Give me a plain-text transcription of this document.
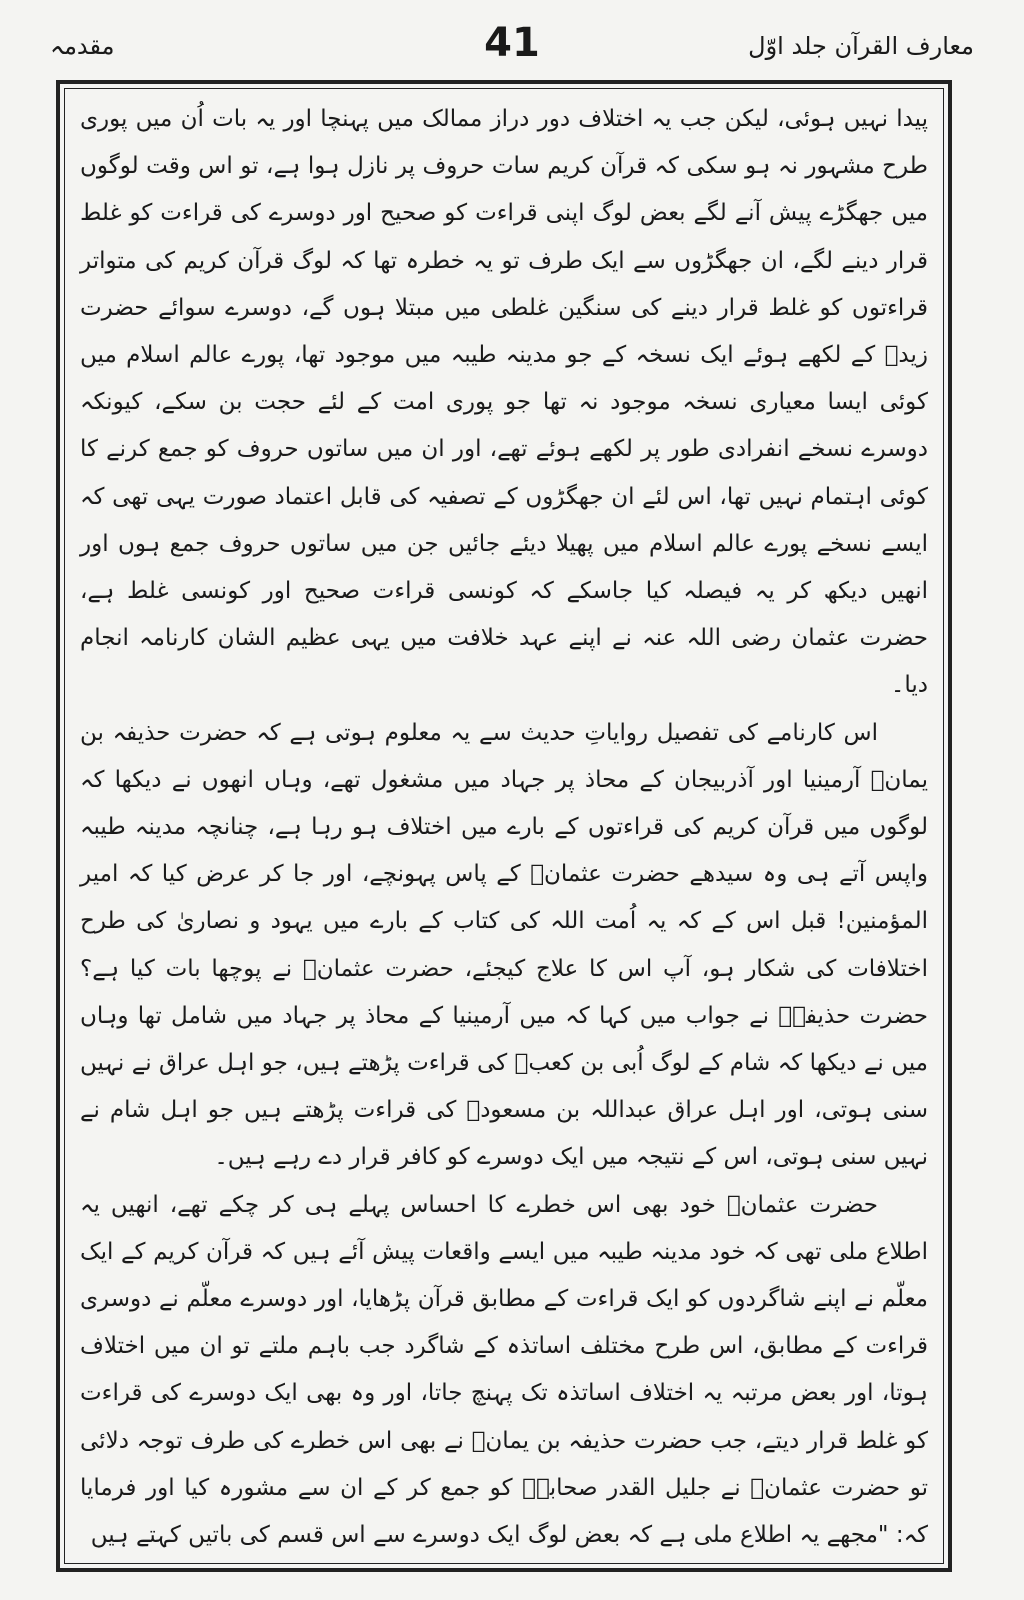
معارف القرآن جلد اوّل
41
مقدمہ

پیدا نہیں ہوئی، لیکن جب یہ اختلاف دور دراز ممالک میں پہنچا اور یہ بات اُن میں پوری طرح مشہور نہ ہو سکی کہ قرآن کریم سات حروف پر نازل ہوا ہے، تو اس وقت لوگوں میں جھگڑے پیش آنے لگے بعض لوگ اپنی قراءت کو صحیح اور دوسرے کی قراءت کو غلط قرار دینے لگے، ان جھگڑوں سے ایک طرف تو یہ خطرہ تھا کہ لوگ قرآن کریم کی متواتر قراءتوں کو غلط قرار دینے کی سنگین غلطی میں مبتلا ہوں گے، دوسرے سوائے حضرت زیدؓ کے لکھے ہوئے ایک نسخہ کے جو مدینہ طیبہ میں موجود تھا، پورے عالم اسلام میں کوئی ایسا معیاری نسخہ موجود نہ تھا جو پوری امت کے لئے حجت بن سکے، کیونکہ دوسرے نسخے انفرادی طور پر لکھے ہوئے تھے، اور ان میں ساتوں حروف کو جمع کرنے کا کوئی اہتمام نہیں تھا، اس لئے ان جھگڑوں کے تصفیہ کی قابل اعتماد صورت یہی تھی کہ ایسے نسخے پورے عالم اسلام میں پھیلا دیئے جائیں جن میں ساتوں حروف جمع ہوں اور انھیں دیکھ کر یہ فیصلہ کیا جاسکے کہ کونسی قراءت صحیح اور کونسی غلط ہے، حضرت عثمان رضی اللہ عنہ نے اپنے عہد خلافت میں یہی عظیم الشان کارنامہ انجام دیا۔

اس کارنامے کی تفصیل روایاتِ حدیث سے یہ معلوم ہوتی ہے کہ حضرت حذیفہ بن یمانؓ آرمینیا اور آذربیجان کے محاذ پر جہاد میں مشغول تھے، وہاں انھوں نے دیکھا کہ لوگوں میں قرآن کریم کی قراءتوں کے بارے میں اختلاف ہو رہا ہے، چنانچہ مدینہ طیبہ واپس آتے ہی وہ سیدھے حضرت عثمانؓ کے پاس پہونچے، اور جا کر عرض کیا کہ امیر المؤمنین! قبل اس کے کہ یہ اُمت اللہ کی کتاب کے بارے میں یہود و نصاریٰ کی طرح اختلافات کی شکار ہو، آپ اس کا علاج کیجئے، حضرت عثمانؓ نے پوچھا بات کیا ہے؟ حضرت حذیفہؓ نے جواب میں کہا کہ میں آرمینیا کے محاذ پر جہاد میں شامل تھا وہاں میں نے دیکھا کہ شام کے لوگ اُبی بن کعبؓ کی قراءت پڑھتے ہیں، جو اہل عراق نے نہیں سنی ہوتی، اور اہل عراق عبداللہ بن مسعودؓ کی قراءت پڑھتے ہیں جو اہل شام نے نہیں سنی ہوتی، اس کے نتیجہ میں ایک دوسرے کو کافر قرار دے رہے ہیں۔

حضرت عثمانؓ خود بھی اس خطرے کا احساس پہلے ہی کر چکے تھے، انھیں یہ اطلاع ملی تھی کہ خود مدینہ طیبہ میں ایسے واقعات پیش آئے ہیں کہ قرآن کریم کے ایک معلّم نے اپنے شاگردوں کو ایک قراءت کے مطابق قرآن پڑھایا، اور دوسرے معلّم نے دوسری قراءت کے مطابق، اس طرح مختلف اساتذہ کے شاگرد جب باہم ملتے تو ان میں اختلاف ہوتا، اور بعض مرتبہ یہ اختلاف اساتذہ تک پہنچ جاتا، اور وہ بھی ایک دوسرے کی قراءت کو غلط قرار دیتے، جب حضرت حذیفہ بن یمانؓ نے بھی اس خطرے کی طرف توجہ دلائی تو حضرت عثمانؓ نے جلیل القدر صحابہؓ کو جمع کر کے ان سے مشورہ کیا اور فرمایا کہ: "مجھے یہ اطلاع ملی ہے کہ بعض لوگ ایک دوسرے سے اس قسم کی باتیں کہتے ہیں
